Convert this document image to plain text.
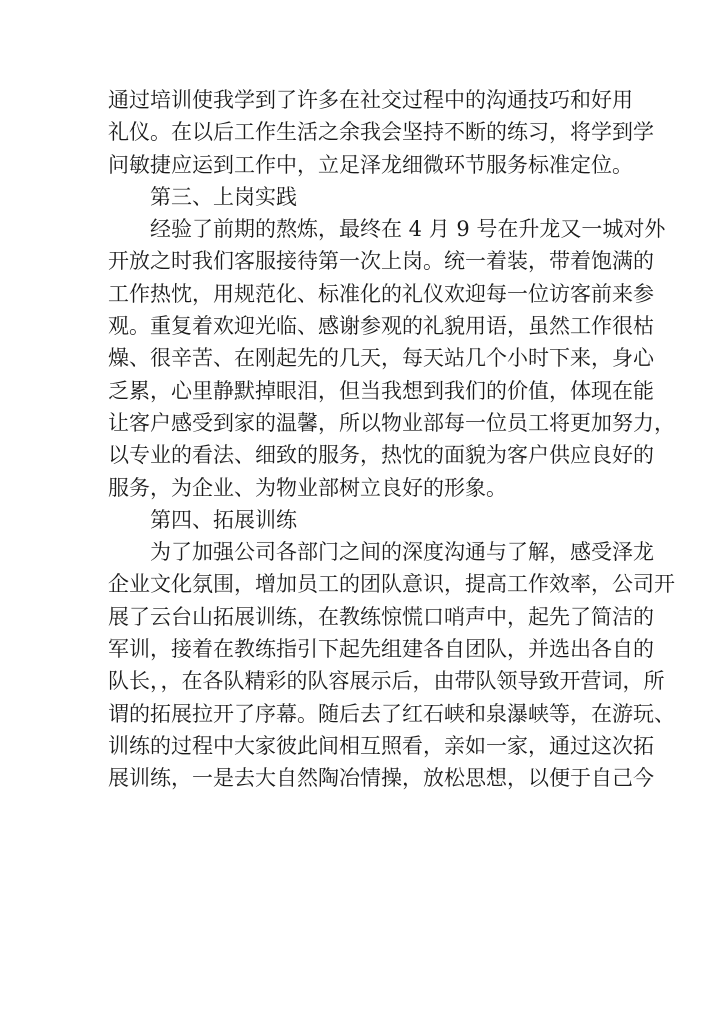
通过培训使我学到了许多在社交过程中的沟通技巧和好用
礼仪。在以后工作生活之余我会坚持不断的练习，将学到学
问敏捷应运到工作中，立足泽龙细微环节服务标准定位。
第三、上岗实践
经验了前期的熬炼，最终在 4 月 9 号在升龙又一城对外
开放之时我们客服接待第一次上岗。统一着装，带着饱满的
工作热忱，用规范化、标准化的礼仪欢迎每一位访客前来参
观。重复着欢迎光临、感谢参观的礼貌用语，虽然工作很枯
燥、很辛苦、在刚起先的几天，每天站几个小时下来，身心
乏累，心里静默掉眼泪，但当我想到我们的价值，体现在能
让客户感受到家的温馨，所以物业部每一位员工将更加努力，
以专业的看法、细致的服务，热忱的面貌为客户供应良好的
服务，为企业、为物业部树立良好的形象。
第四、拓展训练
为了加强公司各部门之间的深度沟通与了解，感受泽龙
企业文化氛围，增加员工的团队意识，提高工作效率，公司开
展了云台山拓展训练，在教练惊慌口哨声中，起先了简洁的
军训，接着在教练指引下起先组建各自团队，并选出各自的
队长，，在各队精彩的队容展示后，由带队领导致开营词，所
谓的拓展拉开了序幕。随后去了红石峡和泉瀑峡等，在游玩、
训练的过程中大家彼此间相互照看，亲如一家，通过这次拓
展训练，一是去大自然陶冶情操，放松思想，以便于自己今
